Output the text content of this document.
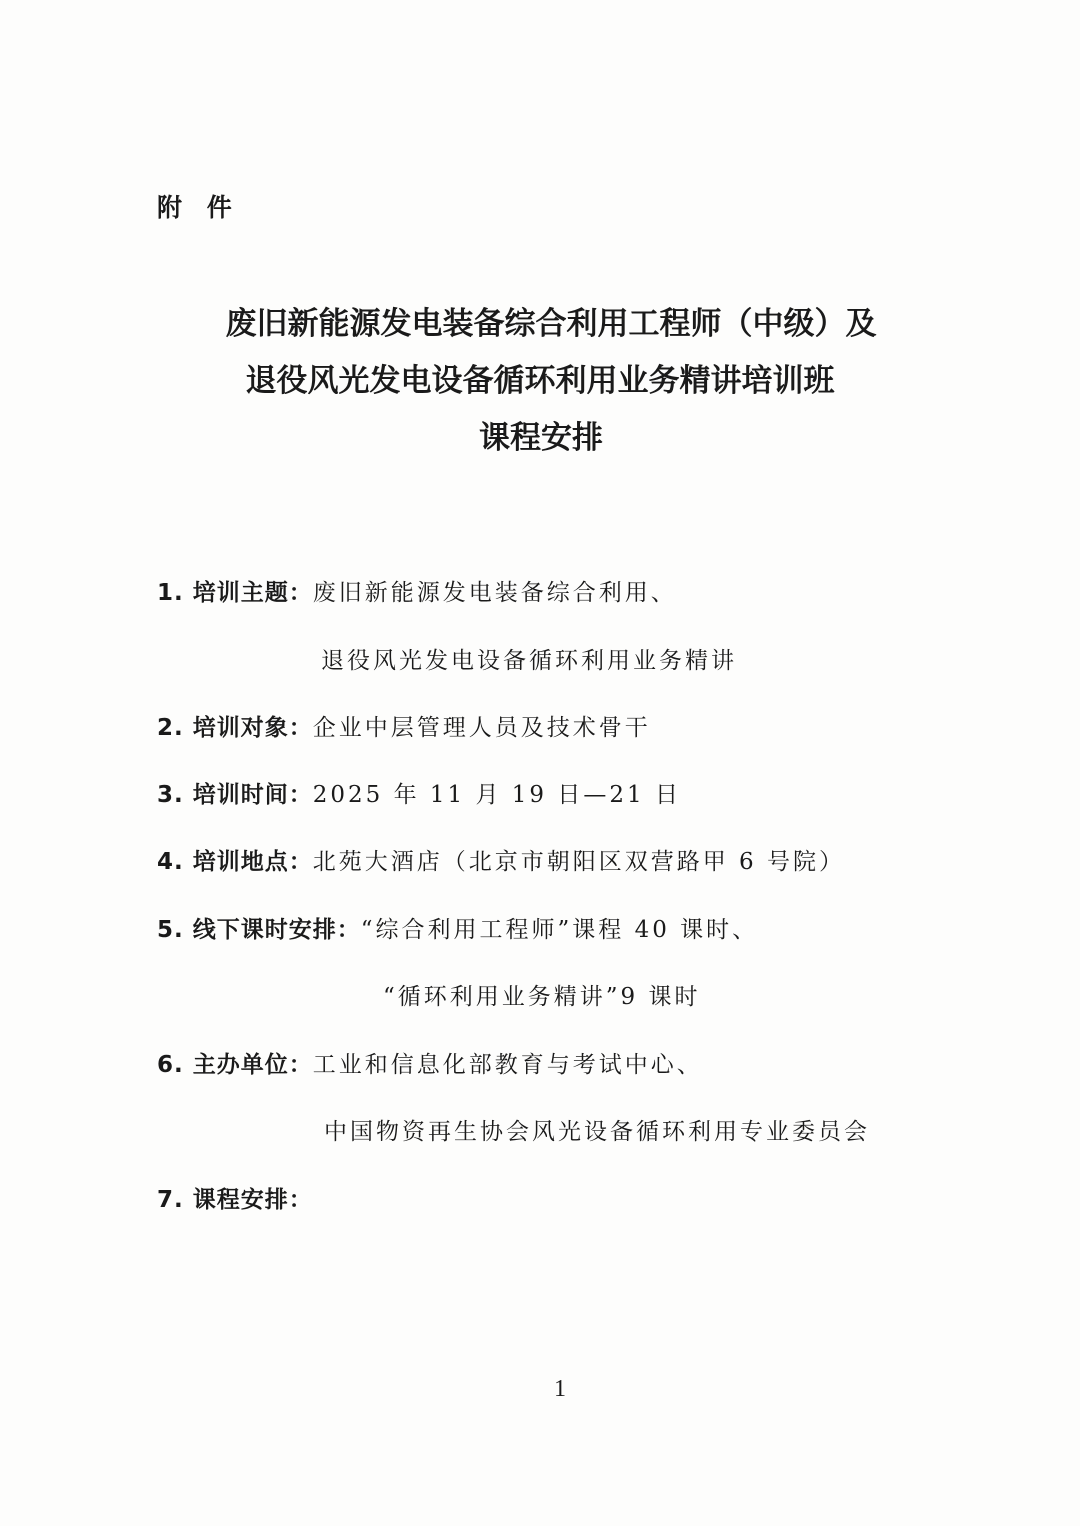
附 件
废旧新能源发电装备综合利用工程师（中级）及
退役风光发电设备循环利用业务精讲培训班
课程安排
1. 培训主题：废旧新能源发电装备综合利用、
退役风光发电设备循环利用业务精讲
2. 培训对象：企业中层管理人员及技术骨干
3. 培训时间：2025 年 11 月 19 日—21 日
4. 培训地点：北苑大酒店（北京市朝阳区双营路甲 6 号院）
5. 线下课时安排：“综合利用工程师”课程 40 课时、
“循环利用业务精讲”9 课时
6. 主办单位：工业和信息化部教育与考试中心、
中国物资再生协会风光设备循环利用专业委员会
7. 课程安排：
1
